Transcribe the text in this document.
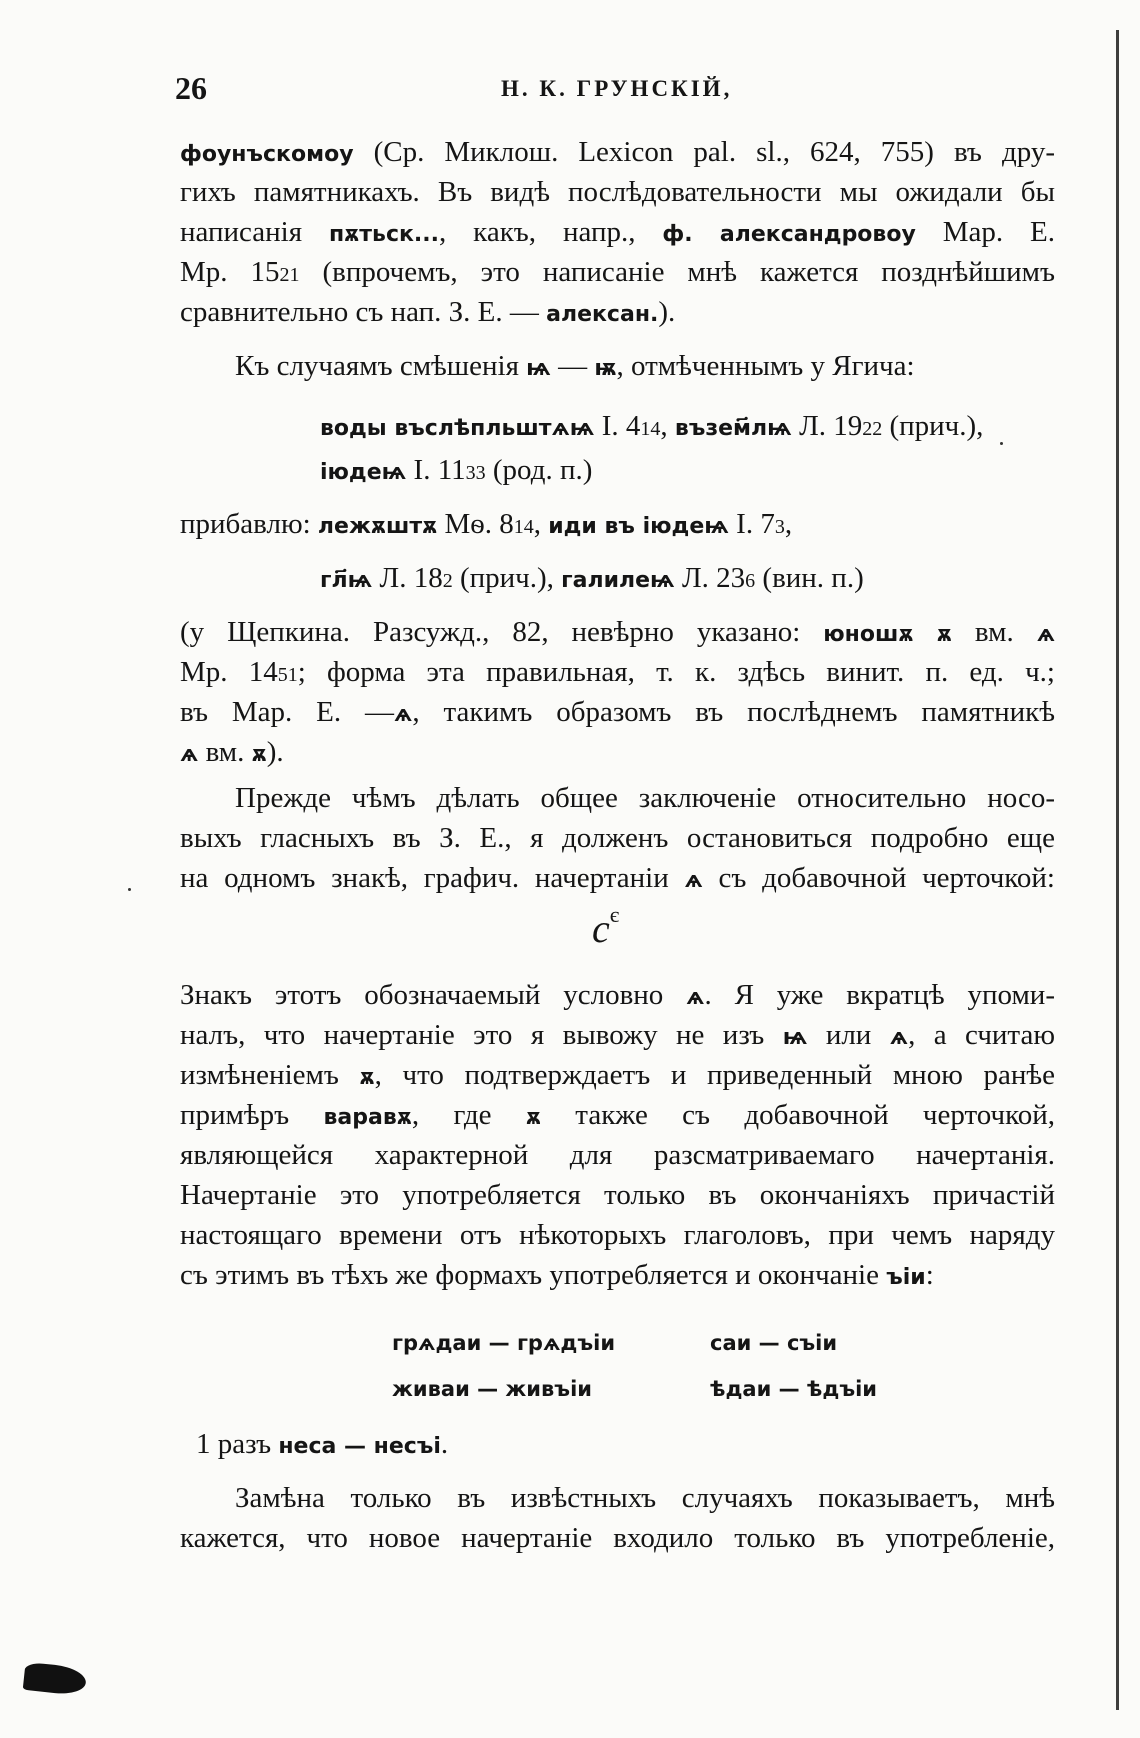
26	Н. К. ГРУНСКІЙ,
фоунъскомоу (Ср. Миклош. Lexicon pal. sl., 624, 755) въ дру-
гихъ памятникахъ. Въ видѣ послѣдовательности мы ожидали бы
написанія пѫтьск..., какъ, напр., ф. александровоу Мар. Е.
Мр. 1521 (впрочемъ, это написаніе мнѣ кажется позднѣйшимъ
сравнительно съ нап. З. Е. — алексан.).
Къ случаямъ смѣшенія ѩ — ѭ, отмѣченнымъ у Ягича:
воды въслѣпльштѧѩ I. 414, възем҃лѩ Л. 1922 (прич.),
іюдеѩ I. 1133 (род. п.)
прибавлю: лежѫштѫ Мѳ. 814, иди въ іюдеѩ I. 73,
гл҃ѩ Л. 182 (прич.), галилеѩ Л. 236 (вин. п.)
(у Щепкина. Разсужд., 82, невѣрно указано: юношѫ ѫ вм. ѧ
Мр. 1451; форма эта правильная, т. к. здѣсь винит. п. ед. ч.;
въ Мар. Е. —ѧ, такимъ образомъ въ послѣднемъ памятникѣ
ѧ вм. ѫ).
Прежде чѣмъ дѣлать общее заключеніе относительно носо-
выхъ гласныхъ въ З. Е., я долженъ остановиться подробно еще
на одномъ знакѣ, графич. начертаніи ѧ съ добавочной черточкой:
$c^є$
Знакъ этотъ обозначаемый условно ѧ. Я уже вкратцѣ упоми-
налъ, что начертаніе это я вывожу не изъ ѩ или ѧ, а считаю
измѣненіемъ ѫ, что подтверждаетъ и приведенный мною ранѣе
примѣръ варавѫ, где ѫ также съ добавочной черточкой,
являющейся характерной для разсматриваемаго начертанія.
Начертаніе это употребляется только въ окончаніяхъ причастій
настоящаго времени отъ нѣкоторыхъ глаголовъ, при чемъ наряду
съ этимъ въ тѣхъ же формахъ употребляется и окончаніе ъіи:
грѧдаи — грѧдъіи	саи — съіи
живаи — живъіи	ѣдаи — ѣдъіи
1 разъ неса — несъі.
Замѣна только въ извѣстныхъ случаяхъ показываетъ, мнѣ
кажется, что новое начертаніе входило только въ употребленіе,
